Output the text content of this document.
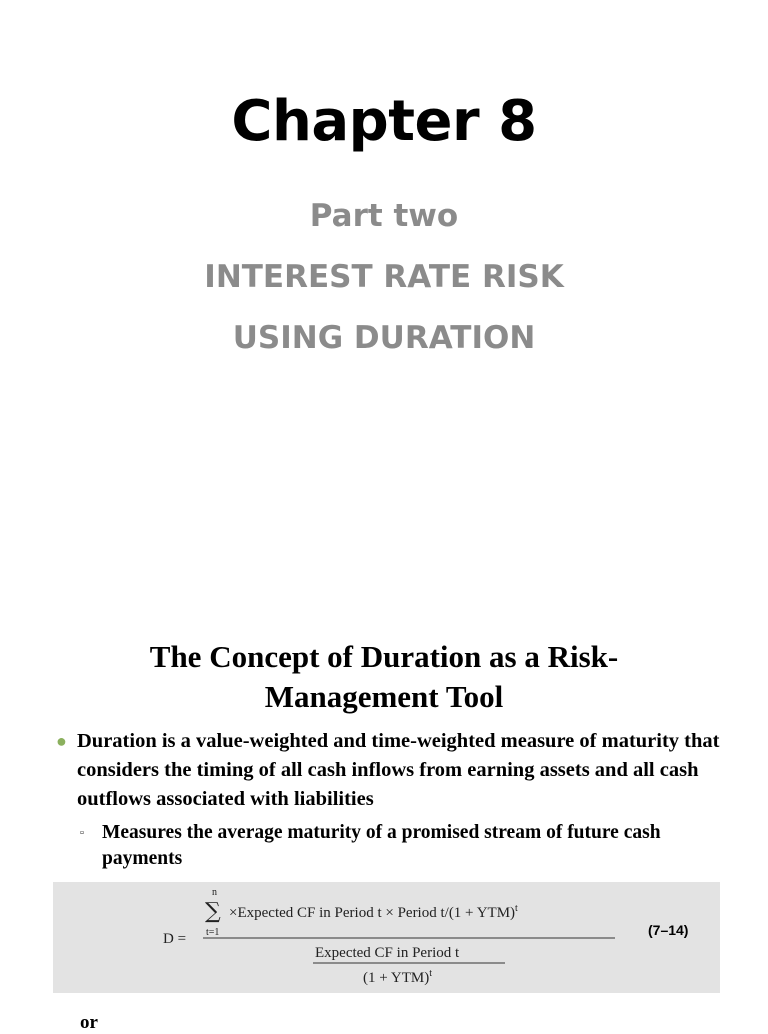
Chapter 8
Part two
INTEREST RATE RISK
USING DURATION
The Concept of Duration as a Risk-Management Tool
● Duration is a value-weighted and time-weighted measure of maturity that considers the timing of all cash inflows from earning assets and all cash outflows associated with liabilities
▫ Measures the average maturity of a promised stream of future cash payments
D =
n
∑
t=1
×Expected CF in Period t × Period t/(1 + YTM)$^t$
Expected CF in Period t
(1 + YTM)$^t$
(7–14)
or
